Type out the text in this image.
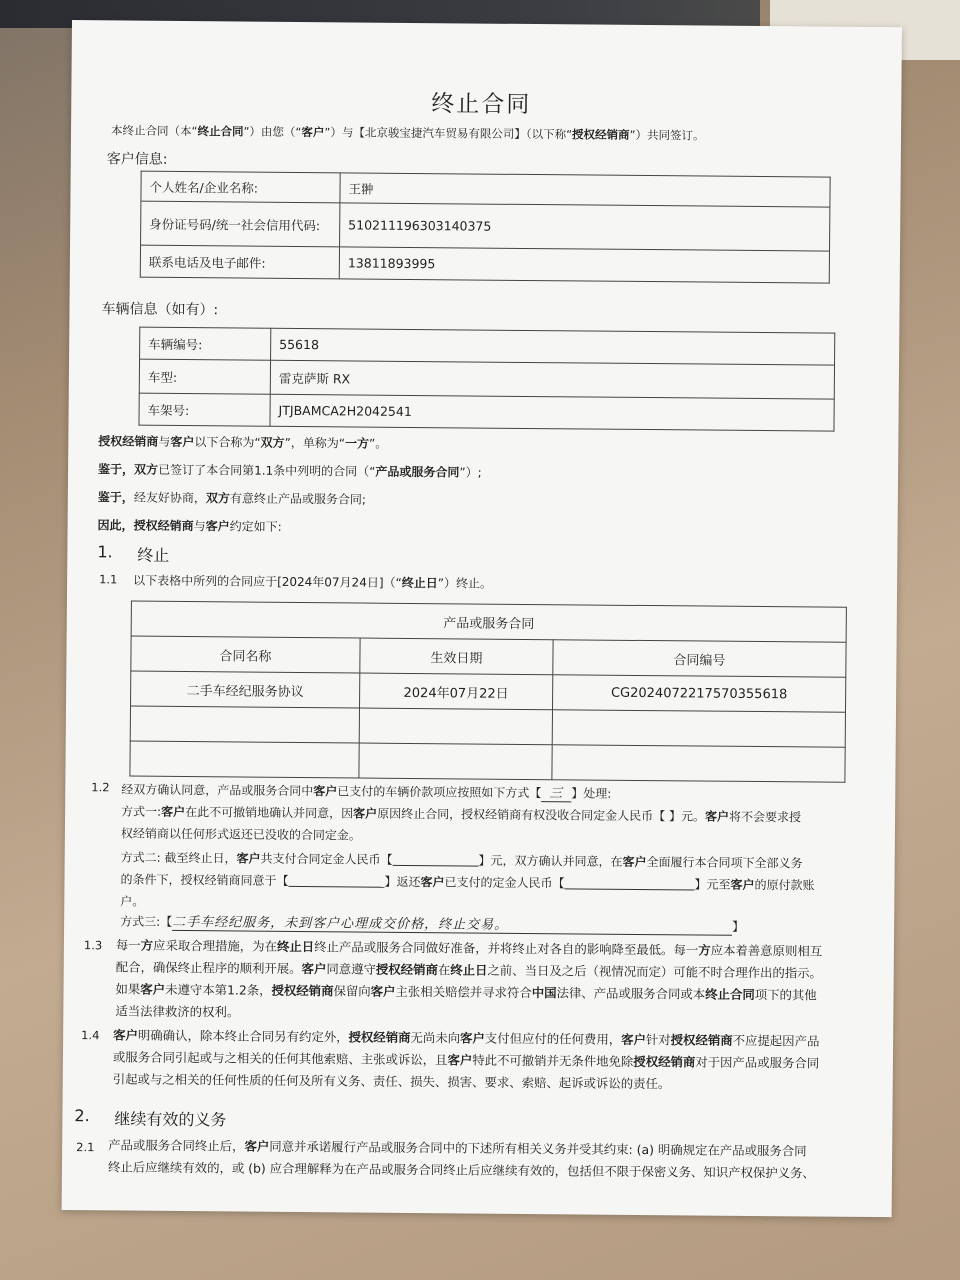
终止合同
本终止合同（本“终止合同”）由您（“客户”）与【北京骏宝捷汽车贸易有限公司】（以下称“授权经销商”）共同签订。
客户信息:
个人姓名/企业名称:	王翀
身份证号码/统一社会信用代码:	510211196303140375
联系电话及电子邮件:	13811893995
车辆信息（如有）:
车辆编号:	55618
车型:	雷克萨斯 RX
车架号:	JTJBAMCA2H2042541
授权经销商与客户以下合称为“双方”，单称为“一方”。
鉴于，双方已签订了本合同第1.1条中列明的合同（“产品或服务合同”）;
鉴于，经友好协商，双方有意终止产品或服务合同;
因此，授权经销商与客户约定如下:
1. 终止
1.1 以下表格中所列的合同应于[2024年07月24日]（“终止日”）终止。
产品或服务合同		
合同名称	生效日期	合同编号
二手车经纪服务协议	2024年07月22日	CG2024072217570355618

1.2 经双方确认同意，产品或服务合同中客户已支付的车辆价款项应按照如下方式【 三 】处理:
方式一:客户在此不可撤销地确认并同意，因客户原因终止合同，授权经销商有权没收合同定金人民币【 】元。客户将不会要求授
权经销商以任何形式返还已没收的合同定金。
方式二: 截至终止日，客户共支付合同定金人民币【	】元，双方确认并同意，在客户全面履行本合同项下全部义务
的条件下，授权经销商同意于【	】返还客户已支付的定金人民币【	】元至客户的原付款账
户。
方式三:【二手车经纪服务，未到客户心理成交价格，终止交易。	】
1.3 每一方应采取合理措施，为在终止日终止产品或服务合同做好准备，并将终止对各自的影响降至最低。每一方应本着善意原则相互
配合，确保终止程序的顺利开展。客户同意遵守授权经销商在终止日之前、当日及之后（视情况而定）可能不时合理作出的指示。
如果客户未遵守本第1.2条，授权经销商保留向客户主张相关赔偿并寻求符合中国法律、产品或服务合同或本终止合同项下的其他
适当法律救济的权利。
1.4 客户明确确认，除本终止合同另有约定外，授权经销商无尚未向客户支付但应付的任何费用，客户针对授权经销商不应提起因产品
或服务合同引起或与之相关的任何其他索赔、主张或诉讼，且客户特此不可撤销并无条件地免除授权经销商对于因产品或服务合同
引起或与之相关的任何性质的任何及所有义务、责任、损失、损害、要求、索赔、起诉或诉讼的责任。
2. 继续有效的义务
2.1 产品或服务合同终止后，客户同意并承诺履行产品或服务合同中的下述所有相关义务并受其约束: (a) 明确规定在产品或服务合同
终止后应继续有效的，或 (b) 应合理解释为在产品或服务合同终止后应继续有效的，包括但不限于保密义务、知识产权保护义务、
